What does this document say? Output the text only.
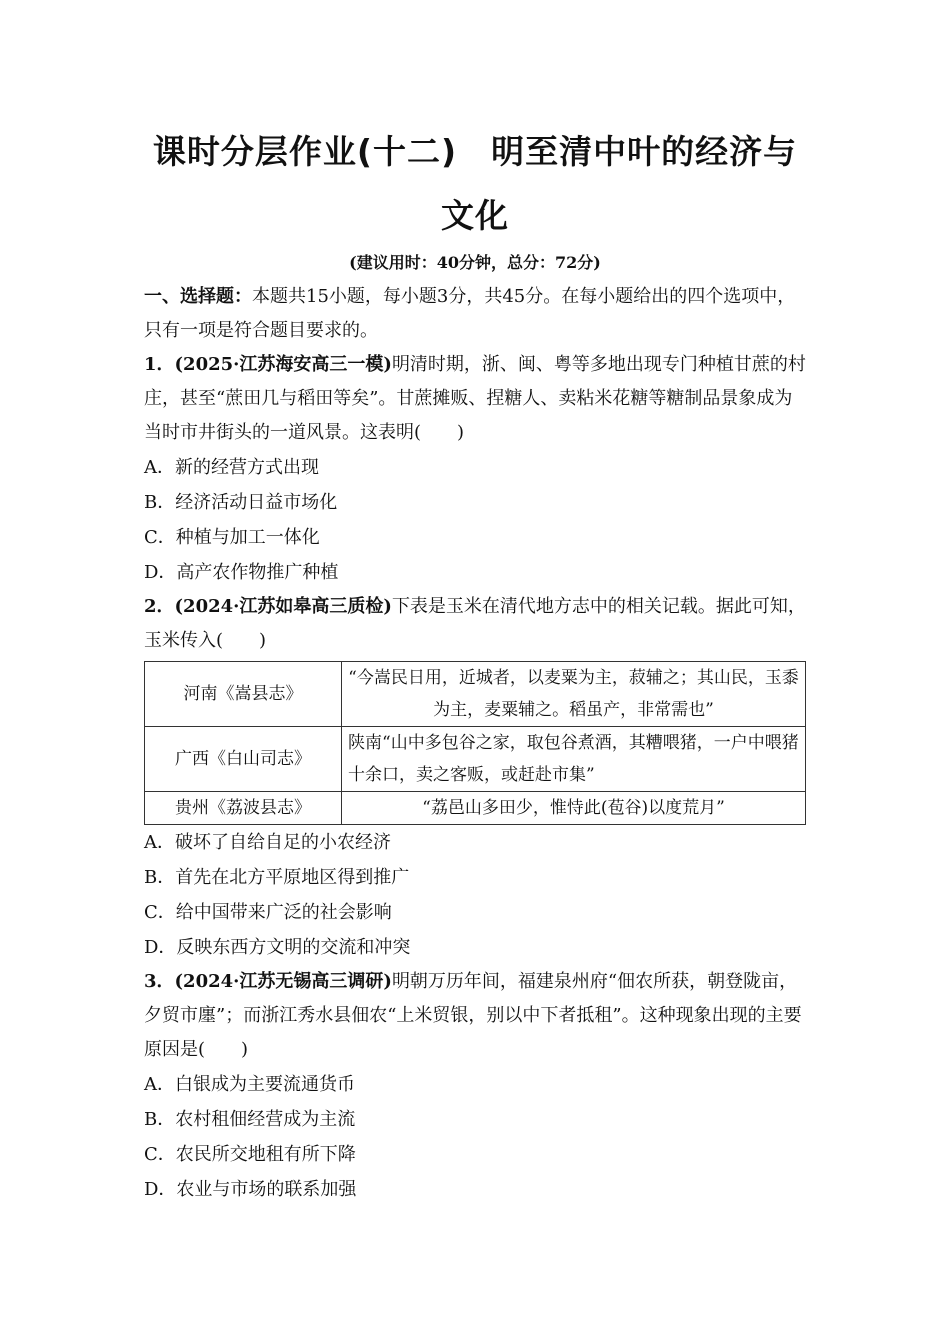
课时分层作业(十二)　明至清中叶的经济与
文化
(建议用时：40分钟，总分：72分)

一、选择题：本题共15小题，每小题3分，共45分。在每小题给出的四个选项中，只有一项是符合题目要求的。

1．(2025·江苏海安高三一模)明清时期，浙、闽、粤等多地出现专门种植甘蔗的村庄，甚至“蔗田几与稻田等矣”。甘蔗摊贩、捏糖人、卖粘米花糖等糖制品景象成为当时市井街头的一道风景。这表明(　　)

A．新的经营方式出现

B．经济活动日益市场化

C．种植与加工一体化

D．高产农作物推广种植

2．(2024·江苏如皋高三质检)下表是玉米在清代地方志中的相关记载。据此可知，玉米传入(　　)

河南《嵩县志》	“今嵩民日用，近城者，以麦粟为主，菽辅之；其山民，玉黍为主，麦粟辅之。稻虽产，非常需也”
广西《白山司志》	陕南“山中多包谷之家，取包谷煮酒，其糟喂猪，一户中喂猪十余口，卖之客贩，或赶赴市集”
贵州《荔波县志》	“荔邑山多田少，惟恃此(苞谷)以度荒月”

A．破坏了自给自足的小农经济

B．首先在北方平原地区得到推广

C．给中国带来广泛的社会影响

D．反映东西方文明的交流和冲突

3．(2024·江苏无锡高三调研)明朝万历年间，福建泉州府“佃农所获，朝登陇亩，夕贸市廛”；而浙江秀水县佃农“上米贸银，别以中下者抵租”。这种现象出现的主要原因是(　　)

A．白银成为主要流通货币

B．农村租佃经营成为主流

C．农民所交地租有所下降

D．农业与市场的联系加强
